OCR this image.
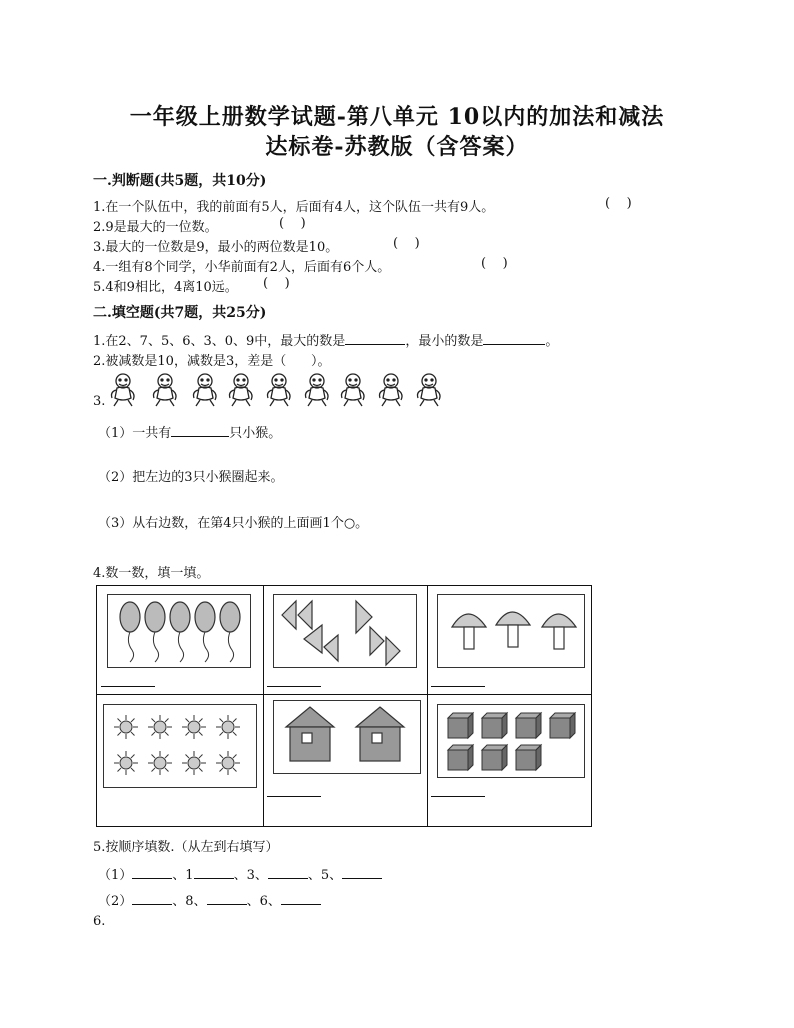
一年级上册数学试题-第八单元 10以内的加法和减法
达标卷-苏教版（含答案）
一.判断题(共5题，共10分)
1.在一个队伍中，我的前面有5人，后面有4人，这个队伍一共有9人。	(    )
2.9是最大的一位数。	(    )
3.最大的一位数是9，最小的两位数是10。	(    )
4.一组有8个同学，小华前面有2人，后面有6个人。	(    )
5.4和9相比，4离10远。 (    )
二.填空题(共7题，共25分)
1.在2、7、5、6、3、0、9中，最大的数是	，最小的数是	。
2.被减数是10，减数是3，差是（      ）。
3.
（1）一共有	只小猴。
（2）把左边的3只小猴圈起来。
（3）从右边数，在第4只小猴的上面画1个○。
4.数一数，填一填。
5.按顺序填数.（从左到右填写）
（1）	、1	、3、	、5、
（2）	、8、	、6、
6.
